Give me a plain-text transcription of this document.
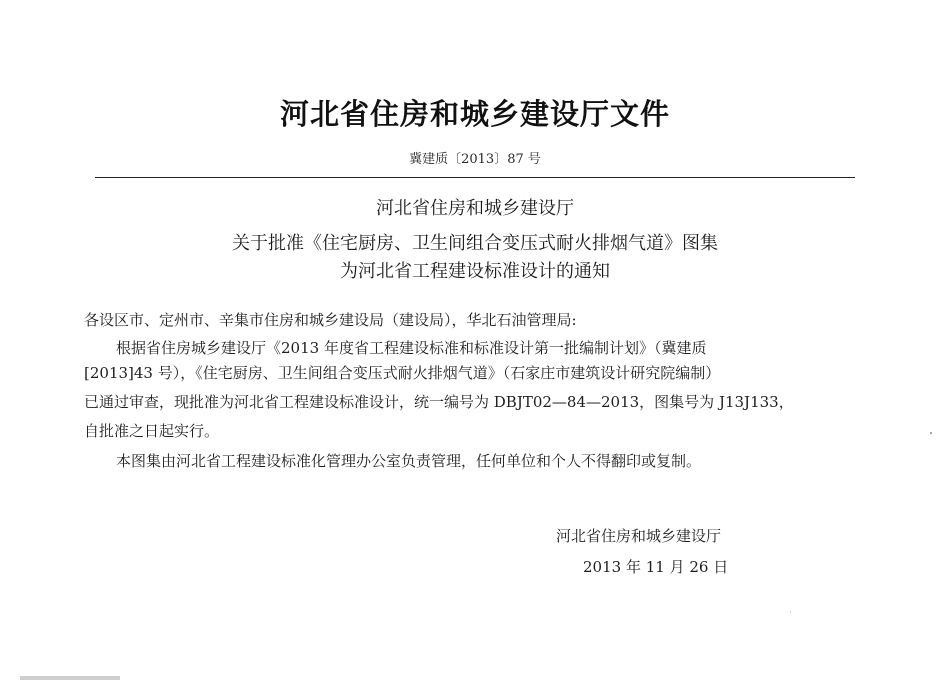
河北省住房和城乡建设厅文件
冀建质〔2013〕87 号
河北省住房和城乡建设厅
关于批准《住宅厨房、卫生间组合变压式耐火排烟气道》图集
为河北省工程建设标准设计的通知
各设区市、定州市、辛集市住房和城乡建设局（建设局），华北石油管理局:
根据省住房城乡建设厅《2013 年度省工程建设标准和标准设计第一批编制计划》（冀建质
[2013]43 号），《住宅厨房、卫生间组合变压式耐火排烟气道》（石家庄市建筑设计研究院编制）
已通过审查，现批准为河北省工程建设标准设计，统一编号为 DBJT02—84—2013，图集号为 J13J133，
自批准之日起实行。
本图集由河北省工程建设标准化管理办公室负责管理，任何单位和个人不得翻印或复制。
河北省住房和城乡建设厅
2013 年 11 月 26 日
